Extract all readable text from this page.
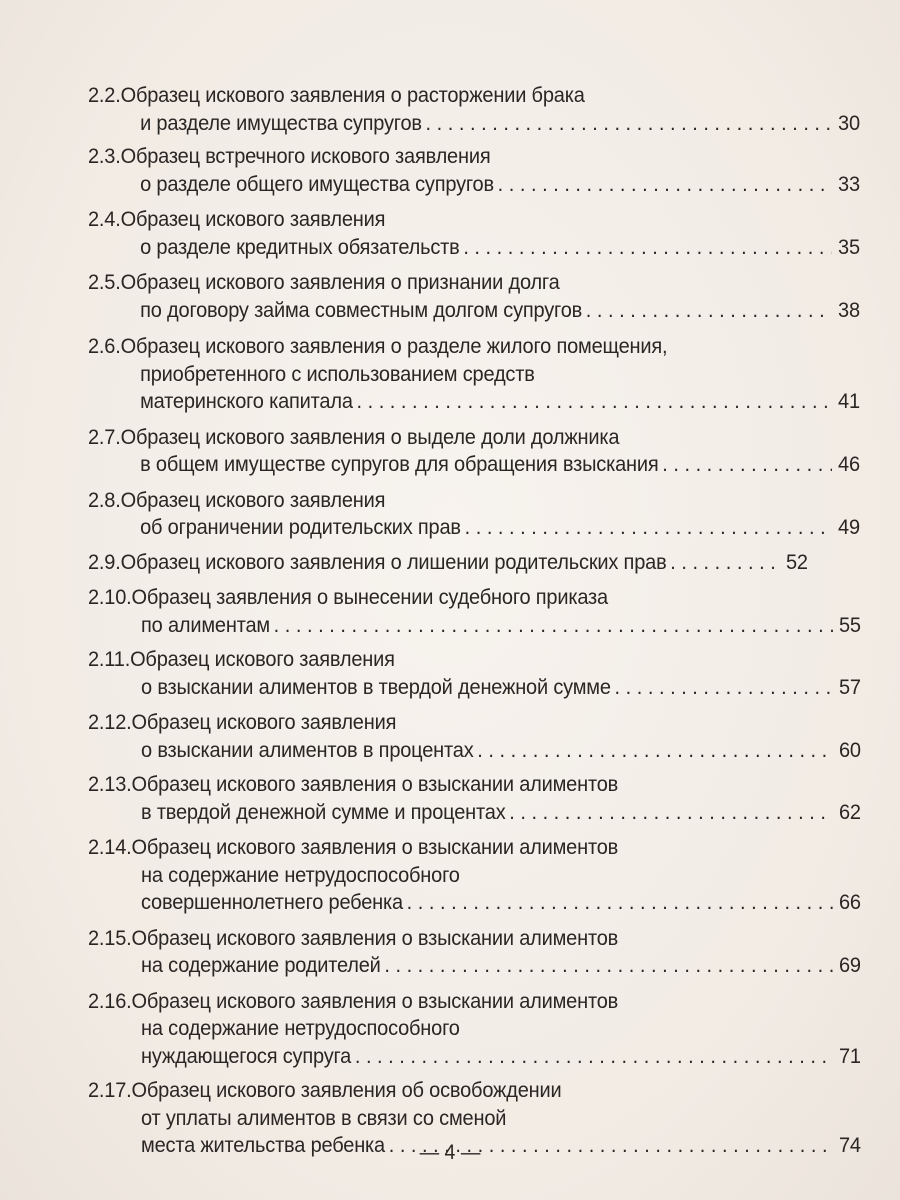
2.2. Образец искового заявления о расторжении брака
и разделе имущества супругов . . .	30
2.3. Образец встречного искового заявления
о разделе общего имущества супругов . . .	33
2.4. Образец искового заявления
о разделе кредитных обязательств . . .	35
2.5. Образец искового заявления о признании долга
по договору займа совместным долгом супругов . . .	38
2.6. Образец искового заявления о разделе жилого помещения,
приобретенного с использованием средств
материнского капитала . . .	41
2.7. Образец искового заявления о выделе доли должника
в общем имуществе супругов для обращения взыскания . . .	46
2.8. Образец искового заявления
об ограничении родительских прав . . .	49
2.9. Образец искового заявления о лишении родительских прав . . .	52
2.10. Образец заявления о вынесении судебного приказа
по алиментам . . .	55
2.11. Образец искового заявления
о взыскании алиментов в твердой денежной сумме . . .	57
2.12. Образец искового заявления
о взыскании алиментов в процентах . . .	60
2.13. Образец искового заявления о взыскании алиментов
в твердой денежной сумме и процентах . . .	62
2.14. Образец искового заявления о взыскании алиментов
на содержание нетрудоспособного
совершеннолетнего ребенка . . .	66
2.15. Образец искового заявления о взыскании алиментов
на содержание родителей . . .	69
2.16. Образец искового заявления о взыскании алиментов
на содержание нетрудоспособного
нуждающегося супруга . . .	71
2.17. Образец искового заявления об освобождении
от уплаты алиментов в связи со сменой
места жительства ребенка . . .	74
— 4 —
